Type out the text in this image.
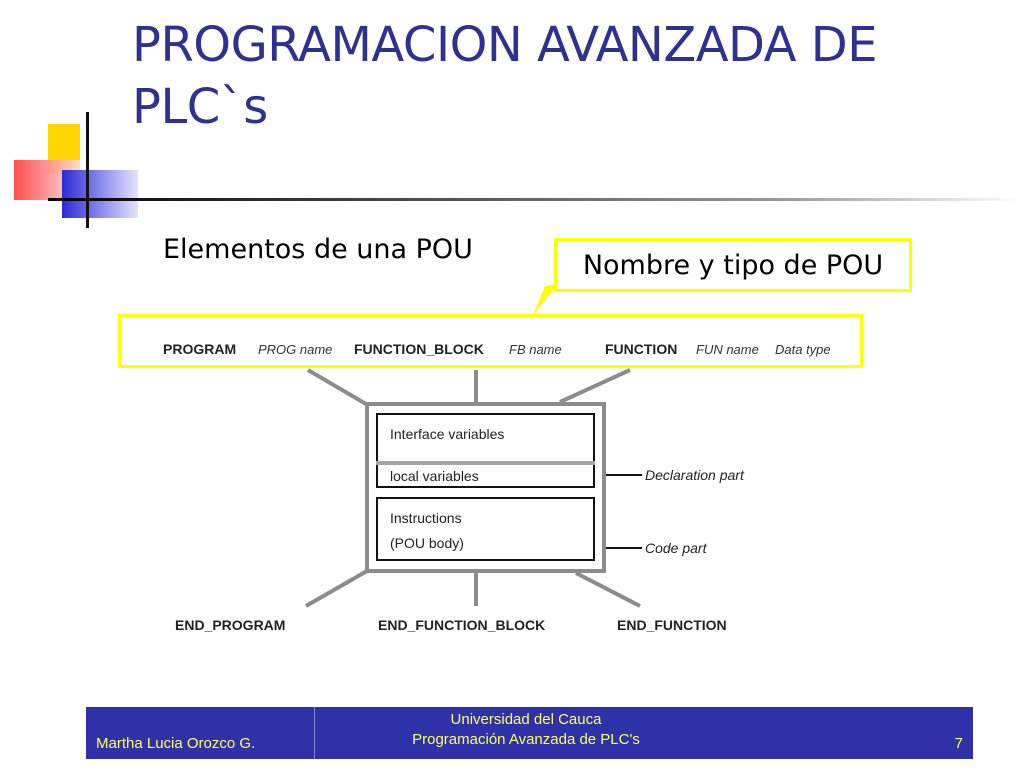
PROGRAMACION AVANZADA DE
PLC`s
Elementos de una POU	Nombre y tipo de POU
PROGRAM PROG name FUNCTION_BLOCK FB name	FUNCTION FUN name Data type
Interface variables
local variables
Instructions
(POU body)
Declaration part
Code part
END_PROGRAM	END_FUNCTION_BLOCK	END_FUNCTION
Martha Lucia Orozco G.
Universidad del Cauca
Programación Avanzada de PLC's	7
